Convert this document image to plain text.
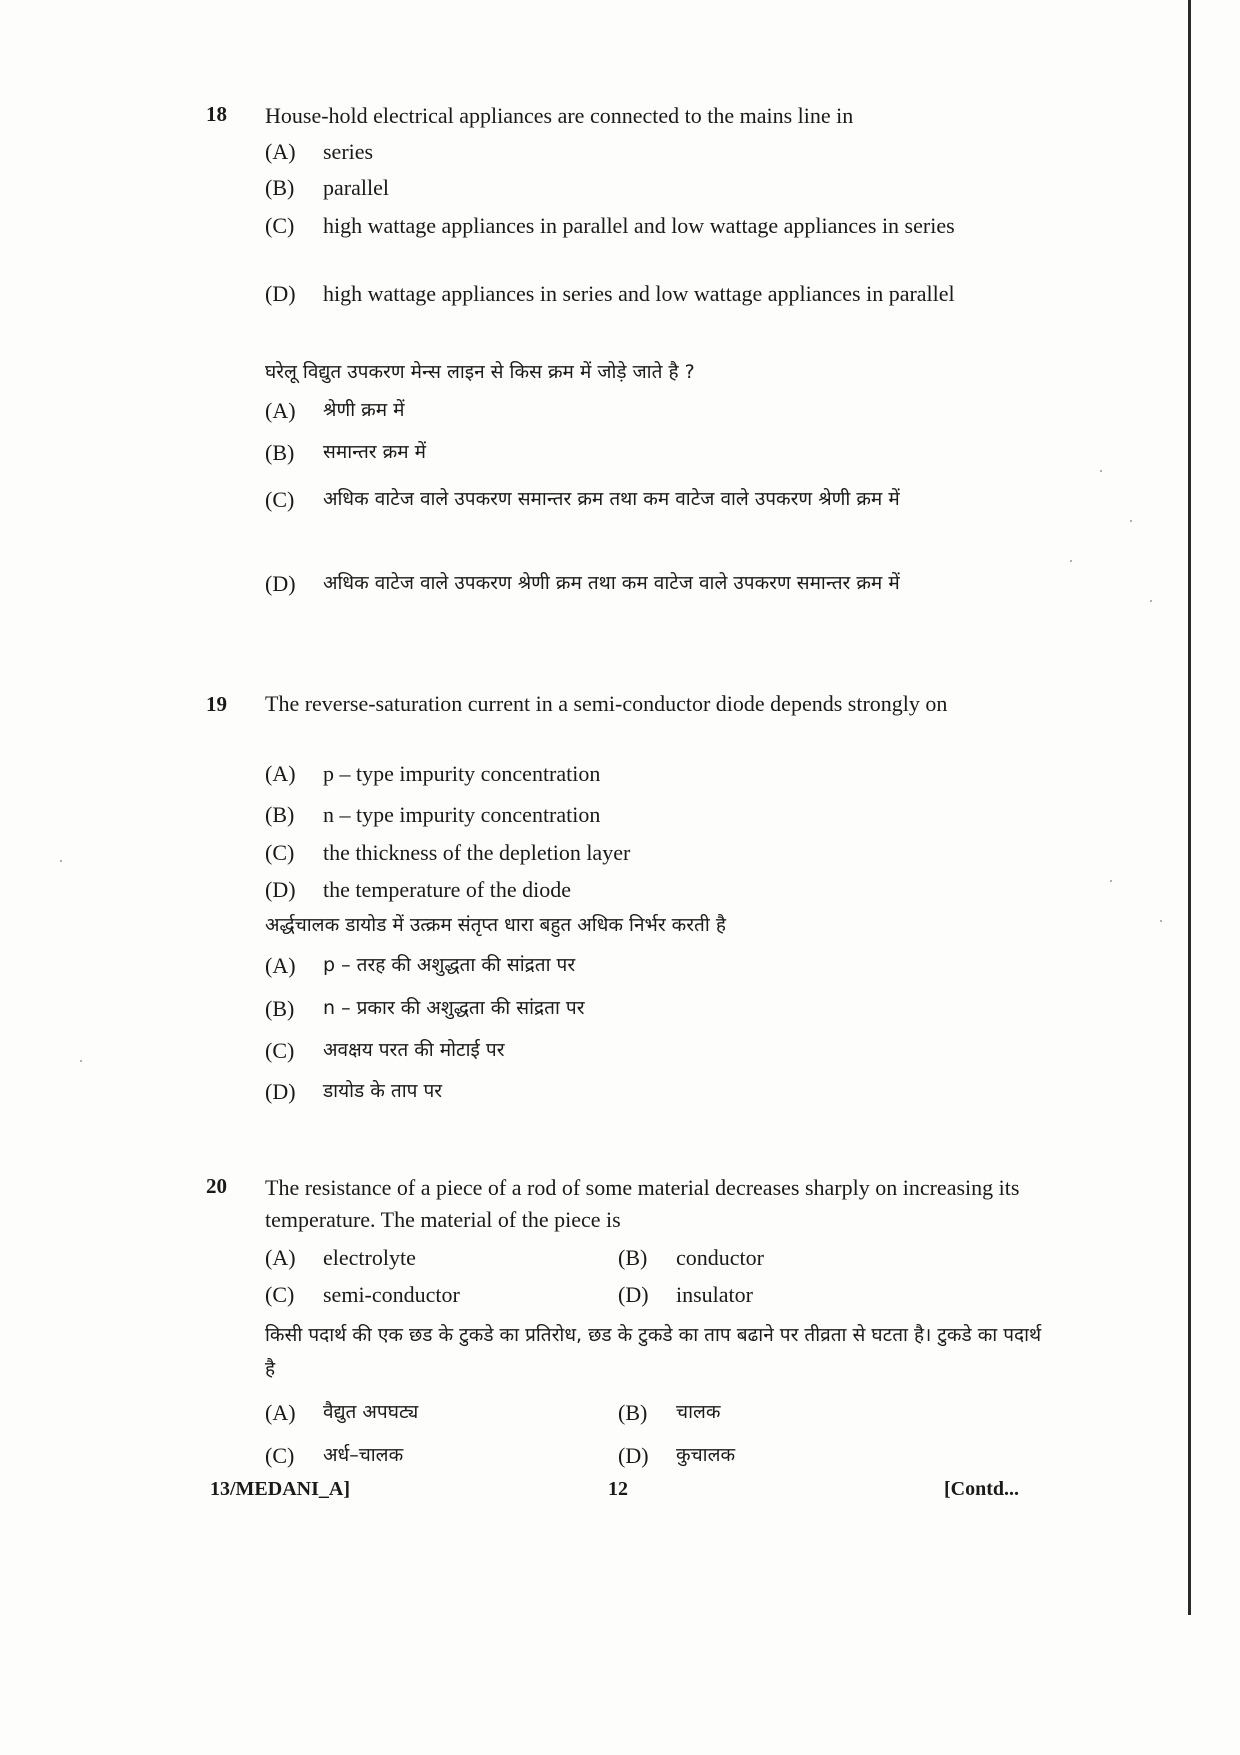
18 House-hold electrical appliances are connected to the mains line in
(A) series
(B) parallel
(C) high wattage appliances in parallel and low wattage appliances in series
(D) high wattage appliances in series and low wattage appliances in parallel
घरेलू विद्युत उपकरण मेन्स लाइन से किस क्रम में जोड़े जाते है ?
(A) श्रेणी क्रम में
(B) समान्तर क्रम में
(C) अधिक वाटेज वाले उपकरण समान्तर क्रम तथा कम वाटेज वाले उपकरण श्रेणी क्रम में
(D) अधिक वाटेज वाले उपकरण श्रेणी क्रम तथा कम वाटेज वाले उपकरण समान्तर क्रम में
19 The reverse-saturation current in a semi-conductor diode depends strongly on
(A) p – type impurity concentration
(B) n – type impurity concentration
(C) the thickness of the depletion layer
(D) the temperature of the diode
अर्द्धचालक डायोड में उत्क्रम संतृप्त धारा बहुत अधिक निर्भर करती है
(A) p – तरह की अशुद्धता की सांद्रता पर
(B) n – प्रकार की अशुद्धता की सांद्रता पर
(C) अवक्षय परत की मोटाई पर
(D) डायोड के ताप पर
20 The resistance of a piece of a rod of some material decreases sharply on increasing its temperature. The material of the piece is
(A) electrolyte	(B) conductor
(C) semi-conductor	(D) insulator
किसी पदार्थ की एक छड के टुकडे का प्रतिरोध, छड के टुकडे का ताप बढाने पर तीव्रता से घटता है। टुकडे का पदार्थ है
(A) वैद्युत अपघट्य	(B) चालक
(C) अर्ध–चालक	(D) कुचालक
13/MEDANI_A]	12	[Contd...
